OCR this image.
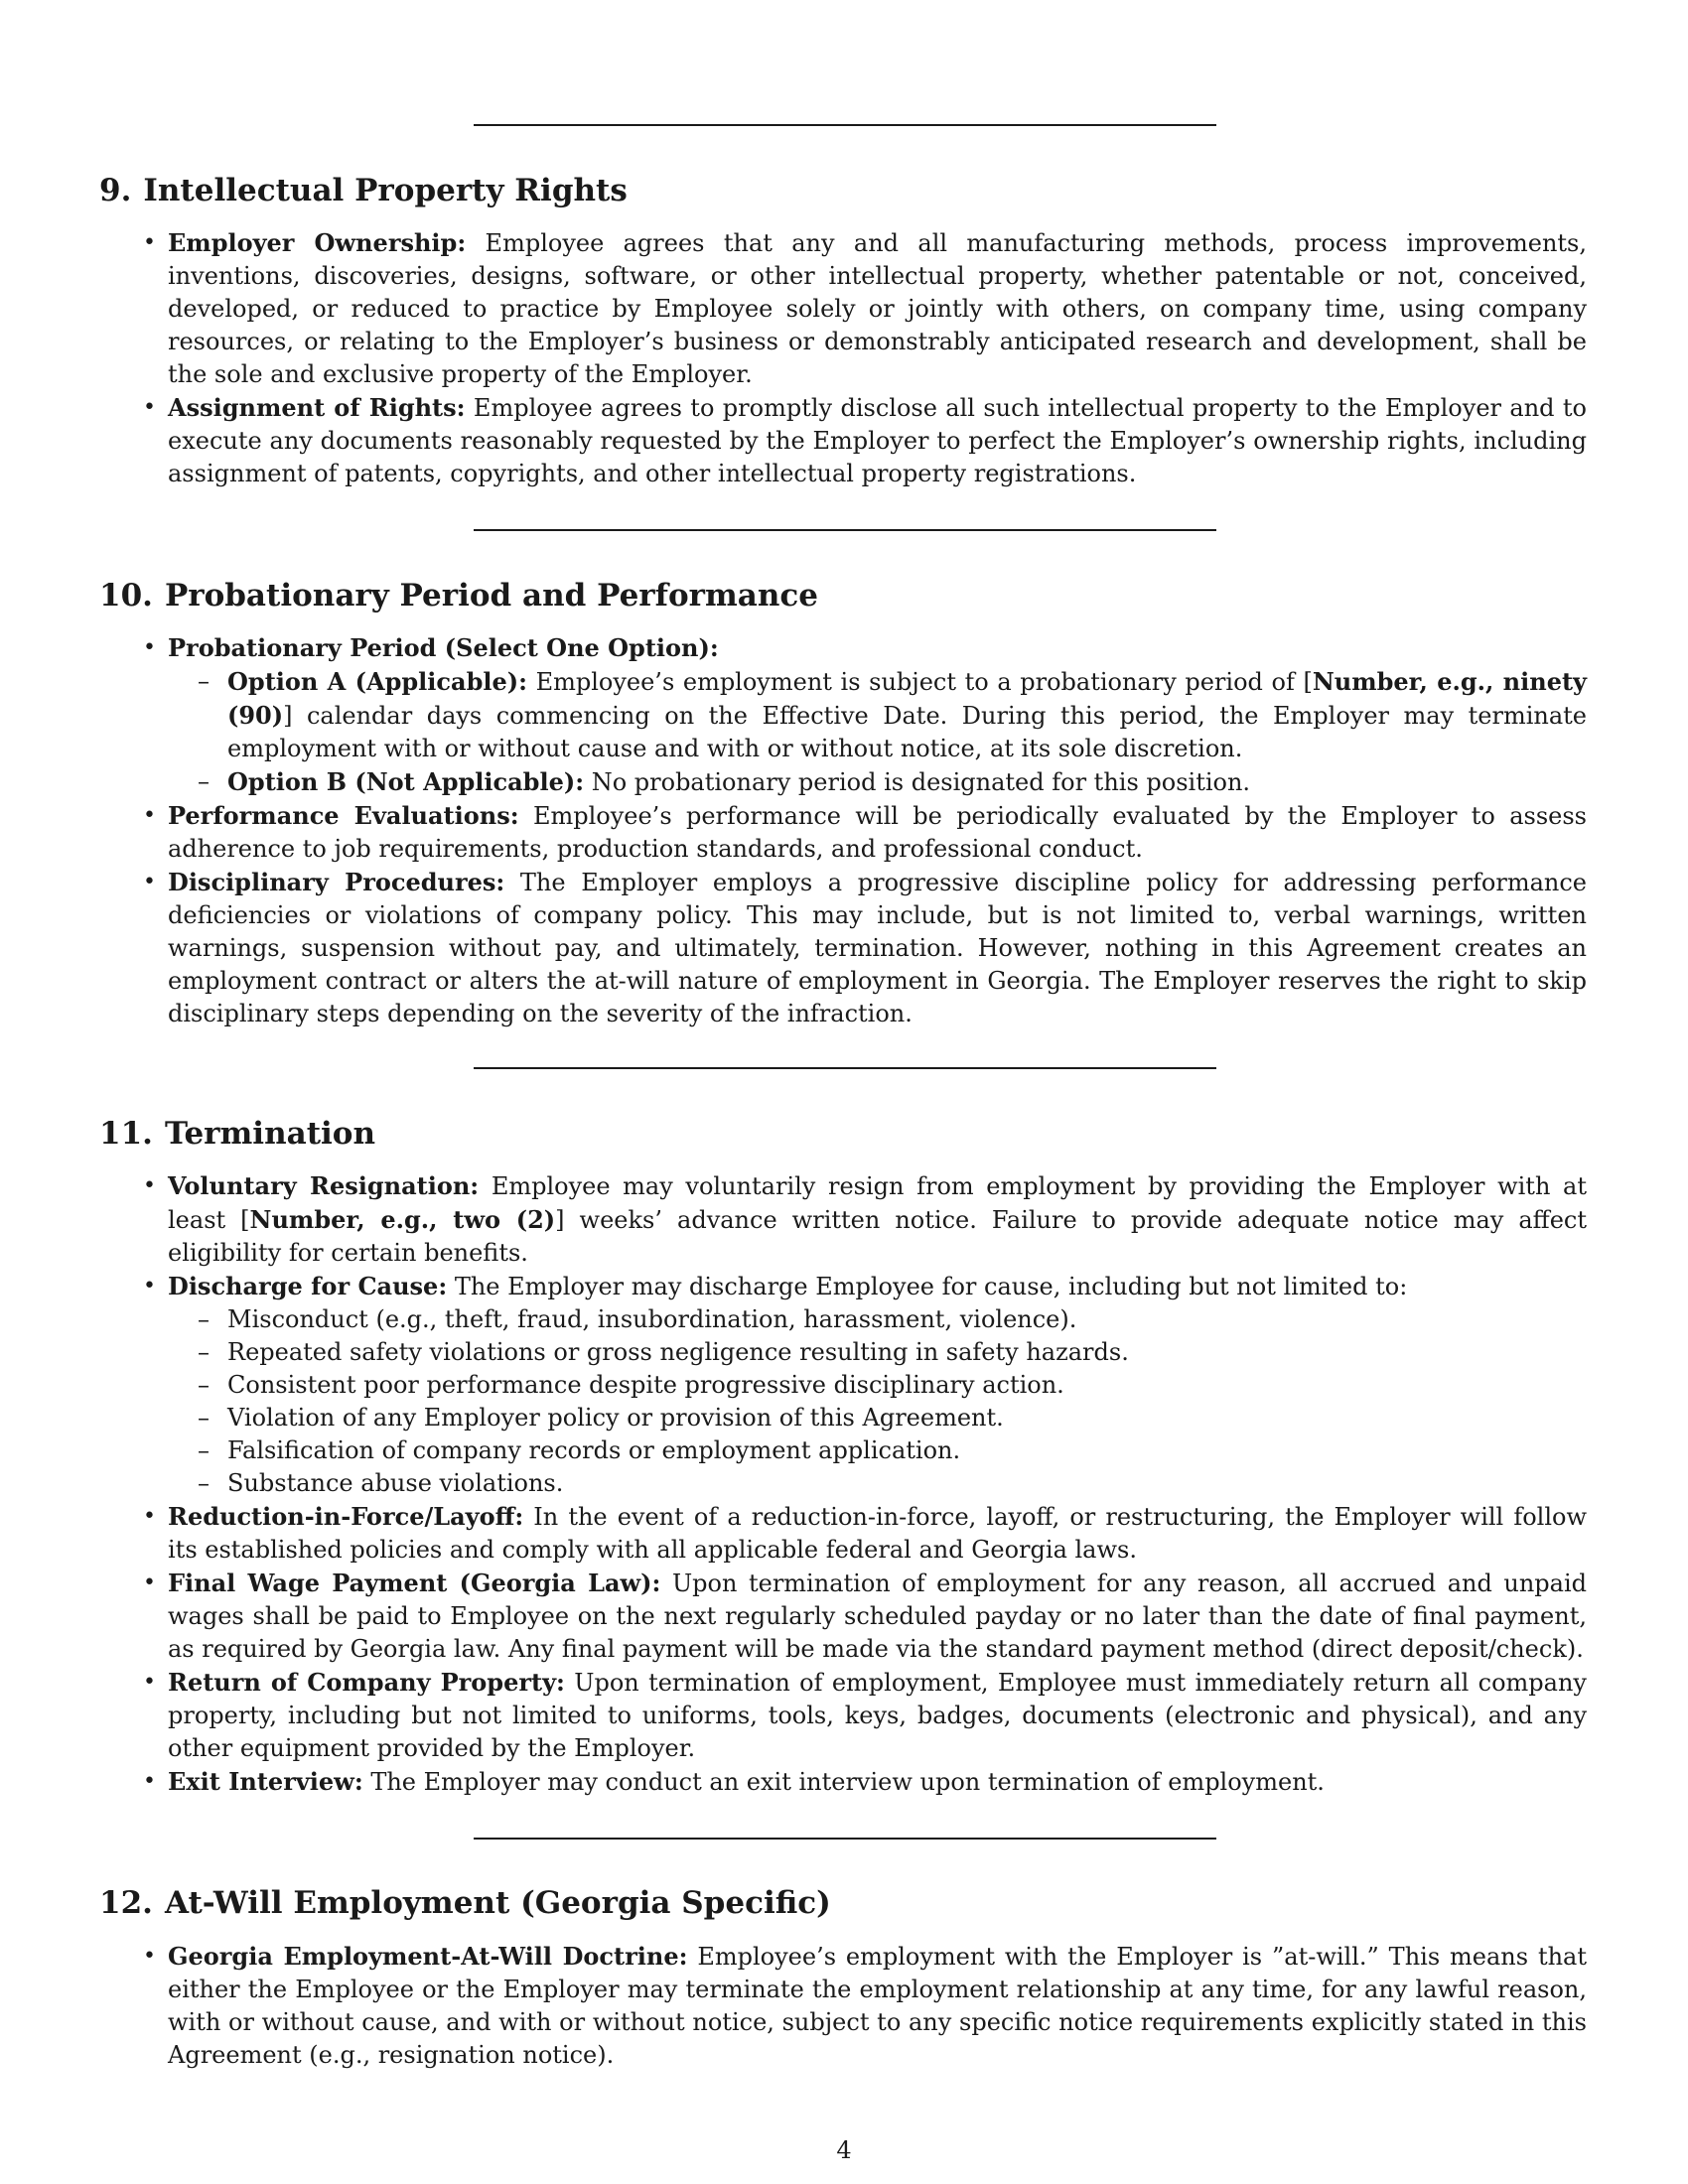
9. Intellectual Property Rights
• Employer Ownership: Employee agrees that any and all manufacturing methods, process improvements, inventions, discoveries, designs, software, or other intellectual property, whether patentable or not, conceived, developed, or reduced to practice by Employee solely or jointly with others, on company time, using company resources, or relating to the Employer’s business or demonstrably anticipated research and development, shall be the sole and exclusive property of the Employer.
• Assignment of Rights: Employee agrees to promptly disclose all such intellectual property to the Employer and to execute any documents reasonably requested by the Employer to perfect the Employer’s ownership rights, including assignment of patents, copyrights, and other intellectual property registrations.
10. Probationary Period and Performance
• Probationary Period (Select One Option):
– Option A (Applicable): Employee’s employment is subject to a probationary period of [Number, e.g., ninety (90)] calendar days commencing on the Effective Date. During this period, the Employer may terminate employment with or without cause and with or without notice, at its sole discretion.
– Option B (Not Applicable): No probationary period is designated for this position.
• Performance Evaluations: Employee’s performance will be periodically evaluated by the Employer to assess adherence to job requirements, production standards, and professional conduct.
• Disciplinary Procedures: The Employer employs a progressive discipline policy for addressing performance deficiencies or violations of company policy. This may include, but is not limited to, verbal warnings, written warnings, suspension without pay, and ultimately, termination. However, nothing in this Agreement creates an employment contract or alters the at-will nature of employment in Georgia. The Employer reserves the right to skip disciplinary steps depending on the severity of the infraction.
11. Termination
• Voluntary Resignation: Employee may voluntarily resign from employment by providing the Employer with at least [Number, e.g., two (2)] weeks’ advance written notice. Failure to provide adequate notice may affect eligibility for certain benefits.
• Discharge for Cause: The Employer may discharge Employee for cause, including but not limited to:
– Misconduct (e.g., theft, fraud, insubordination, harassment, violence).
– Repeated safety violations or gross negligence resulting in safety hazards.
– Consistent poor performance despite progressive disciplinary action.
– Violation of any Employer policy or provision of this Agreement.
– Falsification of company records or employment application.
– Substance abuse violations.
• Reduction-in-Force/Layoff: In the event of a reduction-in-force, layoff, or restructuring, the Employer will follow its established policies and comply with all applicable federal and Georgia laws.
• Final Wage Payment (Georgia Law): Upon termination of employment for any reason, all accrued and unpaid wages shall be paid to Employee on the next regularly scheduled payday or no later than the date of final payment, as required by Georgia law. Any final payment will be made via the standard payment method (direct deposit/check).
• Return of Company Property: Upon termination of employment, Employee must immediately return all company property, including but not limited to uniforms, tools, keys, badges, documents (electronic and physical), and any other equipment provided by the Employer.
• Exit Interview: The Employer may conduct an exit interview upon termination of employment.
12. At-Will Employment (Georgia Specific)
• Georgia Employment-At-Will Doctrine: Employee’s employment with the Employer is ”at-will.” This means that either the Employee or the Employer may terminate the employment relationship at any time, for any lawful reason, with or without cause, and with or without notice, subject to any specific notice requirements explicitly stated in this Agreement (e.g., resignation notice).
4
